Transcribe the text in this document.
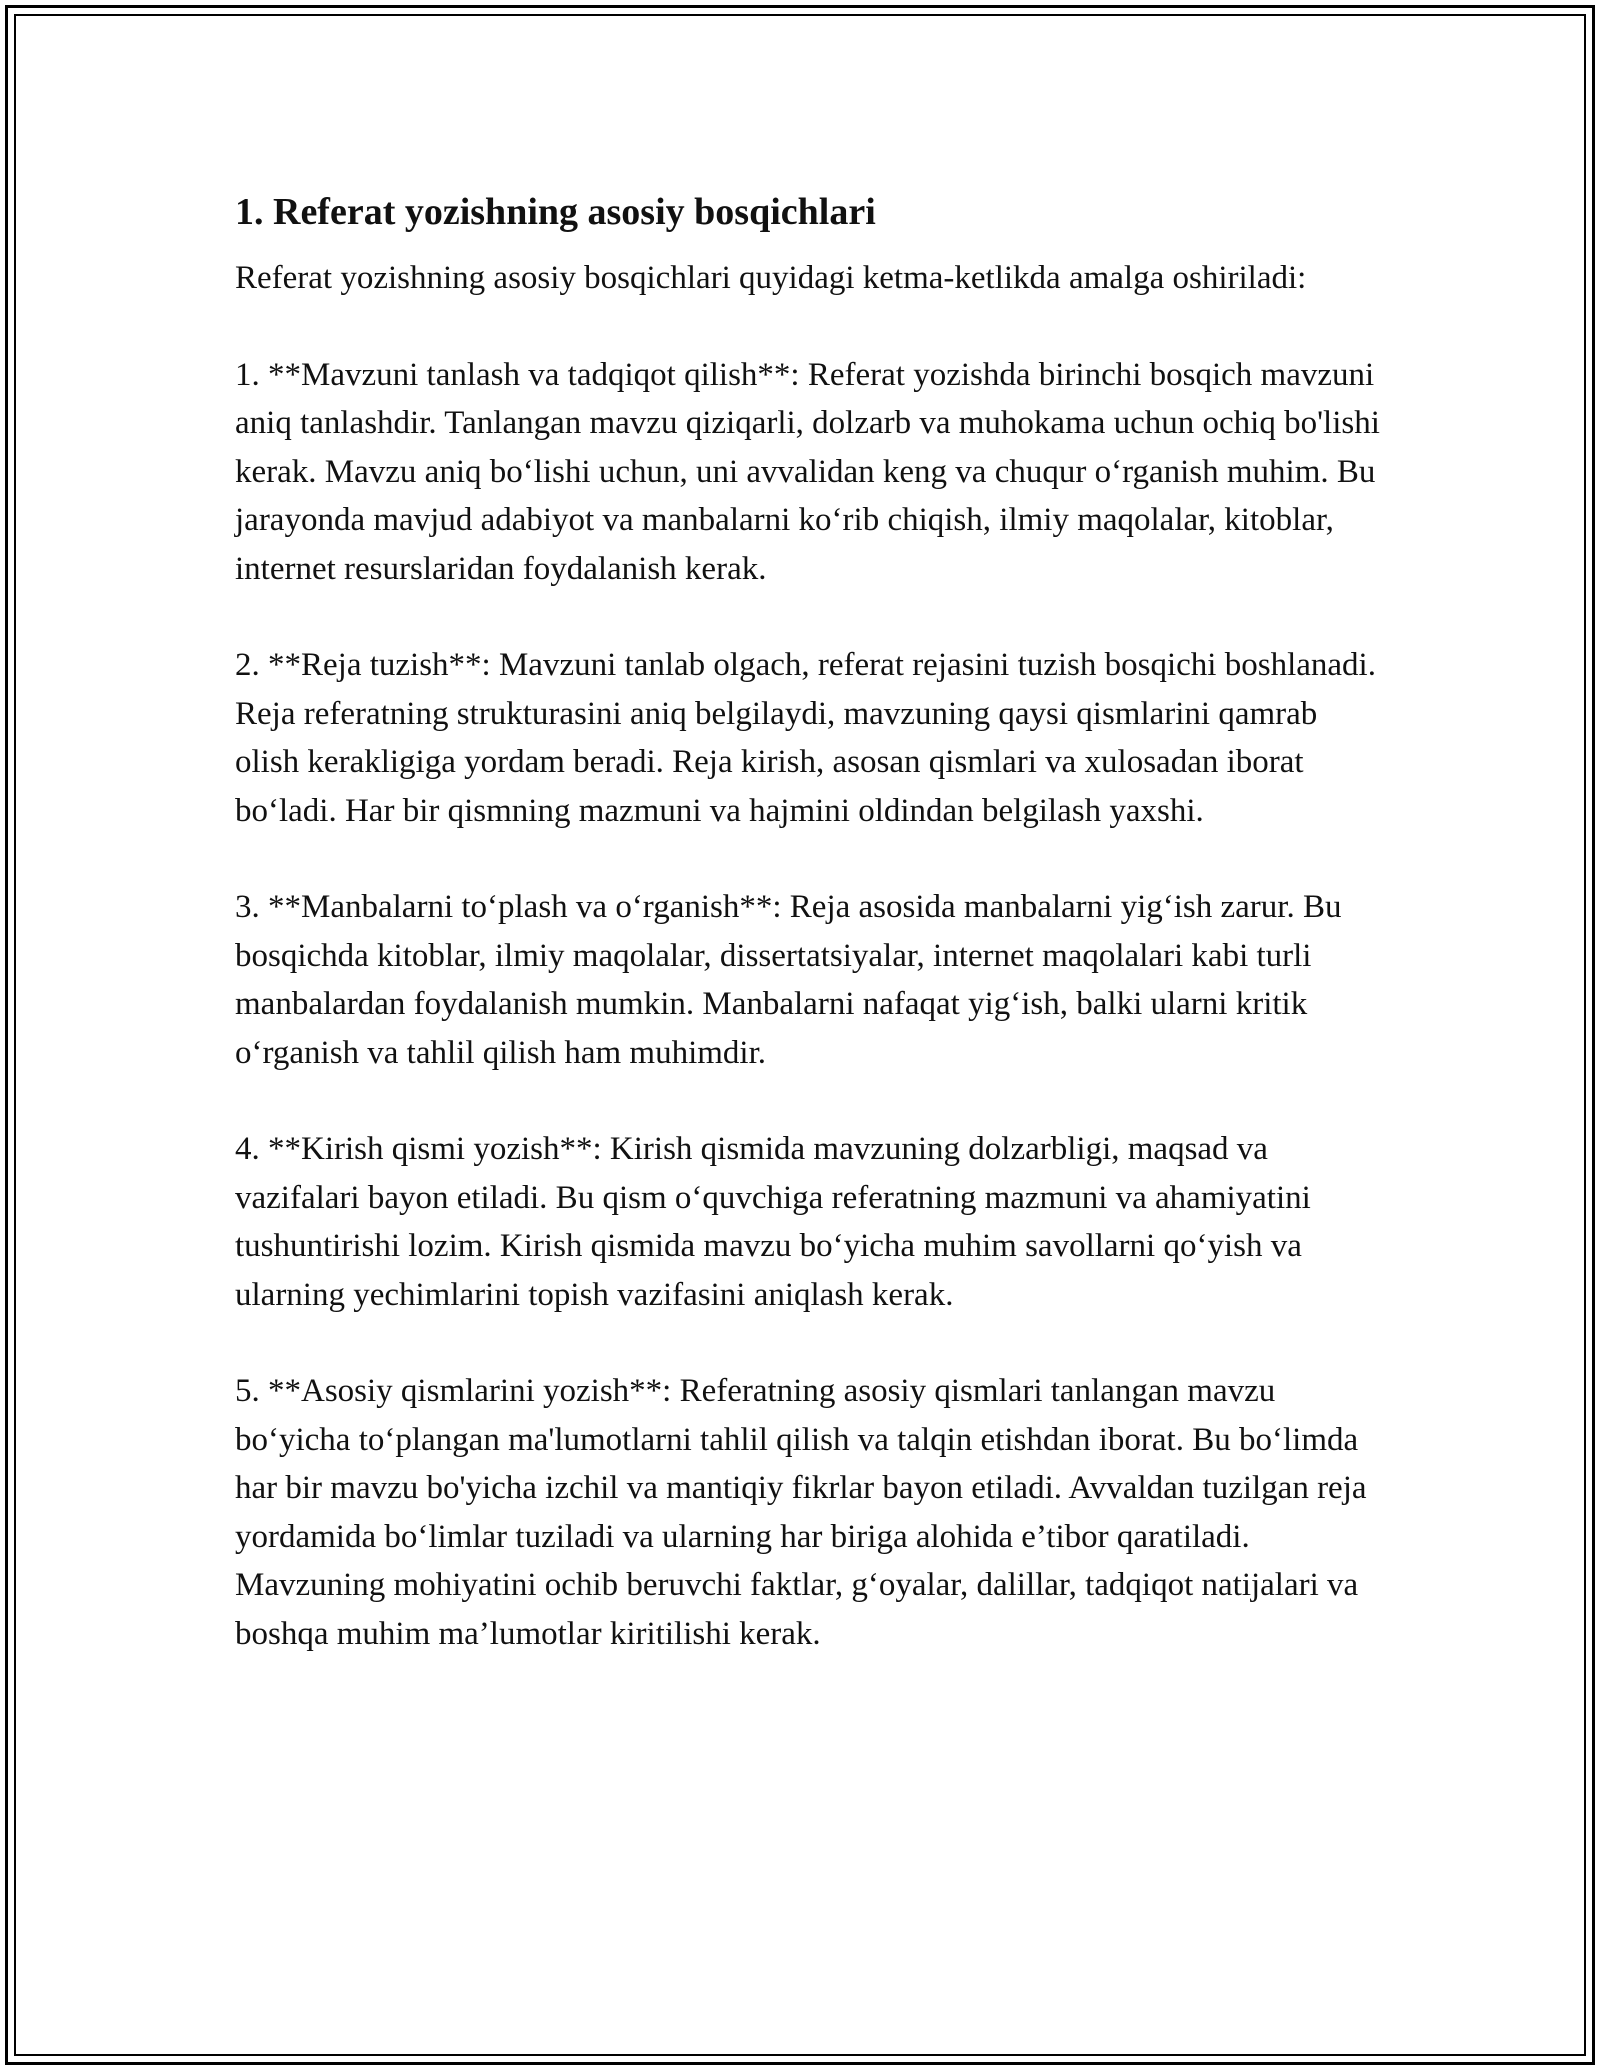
1. Referat yozishning asosiy bosqichlari

Referat yozishning asosiy bosqichlari quyidagi ketma-ketlikda amalga oshiriladi:

1. **Mavzuni tanlash va tadqiqot qilish**: Referat yozishda birinchi bosqich mavzuni aniq tanlashdir. Tanlangan mavzu qiziqarli, dolzarb va muhokama uchun ochiq bo'lishi kerak. Mavzu aniq bo‘lishi uchun, uni avvalidan keng va chuqur o‘rganish muhim. Bu jarayonda mavjud adabiyot va manbalarni ko‘rib chiqish, ilmiy maqolalar, kitoblar, internet resurslaridan foydalanish kerak.

2. **Reja tuzish**: Mavzuni tanlab olgach, referat rejasini tuzish bosqichi boshlanadi. Reja referatning strukturasini aniq belgilaydi, mavzuning qaysi qismlarini qamrab olish kerakligiga yordam beradi. Reja kirish, asosan qismlari va xulosadan iborat bo‘ladi. Har bir qismning mazmuni va hajmini oldindan belgilash yaxshi.

3. **Manbalarni to‘plash va o‘rganish**: Reja asosida manbalarni yig‘ish zarur. Bu bosqichda kitoblar, ilmiy maqolalar, dissertatsiyalar, internet maqolalari kabi turli manbalardan foydalanish mumkin. Manbalarni nafaqat yig‘ish, balki ularni kritik o‘rganish va tahlil qilish ham muhimdir.

4. **Kirish qismi yozish**: Kirish qismida mavzuning dolzarbligi, maqsad va vazifalari bayon etiladi. Bu qism o‘quvchiga referatning mazmuni va ahamiyatini tushuntirishi lozim. Kirish qismida mavzu bo‘yicha muhim savollarni qo‘yish va ularning yechimlarini topish vazifasini aniqlash kerak.

5. **Asosiy qismlarini yozish**: Referatning asosiy qismlari tanlangan mavzu bo‘yicha to‘plangan ma'lumotlarni tahlil qilish va talqin etishdan iborat. Bu bo‘limda har bir mavzu bo'yicha izchil va mantiqiy fikrlar bayon etiladi. Avvaldan tuzilgan reja yordamida bo‘limlar tuziladi va ularning har biriga alohida e’tibor qaratiladi. Mavzuning mohiyatini ochib beruvchi faktlar, g‘oyalar, dalillar, tadqiqot natijalari va boshqa muhim ma’lumotlar kiritilishi kerak.
